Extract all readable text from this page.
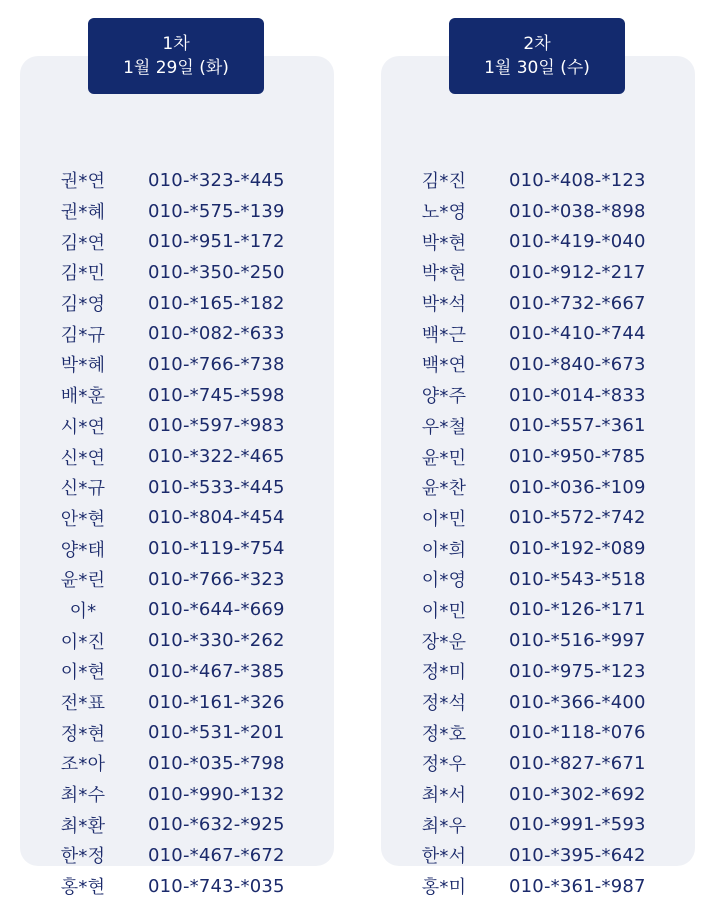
권*연	010-*323-*445
권*혜	010-*575-*139
김*연	010-*951-*172
김*민	010-*350-*250
김*영	010-*165-*182
김*규	010-*082-*633
박*혜	010-*766-*738
배*훈	010-*745-*598
시*연	010-*597-*983
신*연	010-*322-*465
신*규	010-*533-*445
안*현	010-*804-*454
양*태	010-*119-*754
윤*린	010-*766-*323
이*	010-*644-*669
이*진	010-*330-*262
이*현	010-*467-*385
전*표	010-*161-*326
정*현	010-*531-*201
조*아	010-*035-*798
최*수	010-*990-*132
최*환	010-*632-*925
한*정	010-*467-*672
홍*현	010-*743-*035
1차
1월 29일 (화)
김*진	010-*408-*123
노*영	010-*038-*898
박*현	010-*419-*040
박*현	010-*912-*217
박*석	010-*732-*667
백*근	010-*410-*744
백*연	010-*840-*673
양*주	010-*014-*833
우*철	010-*557-*361
윤*민	010-*950-*785
윤*찬	010-*036-*109
이*민	010-*572-*742
이*희	010-*192-*089
이*영	010-*543-*518
이*민	010-*126-*171
장*운	010-*516-*997
정*미	010-*975-*123
정*석	010-*366-*400
정*호	010-*118-*076
정*우	010-*827-*671
최*서	010-*302-*692
최*우	010-*991-*593
한*서	010-*395-*642
홍*미	010-*361-*987
2차
1월 30일 (수)
